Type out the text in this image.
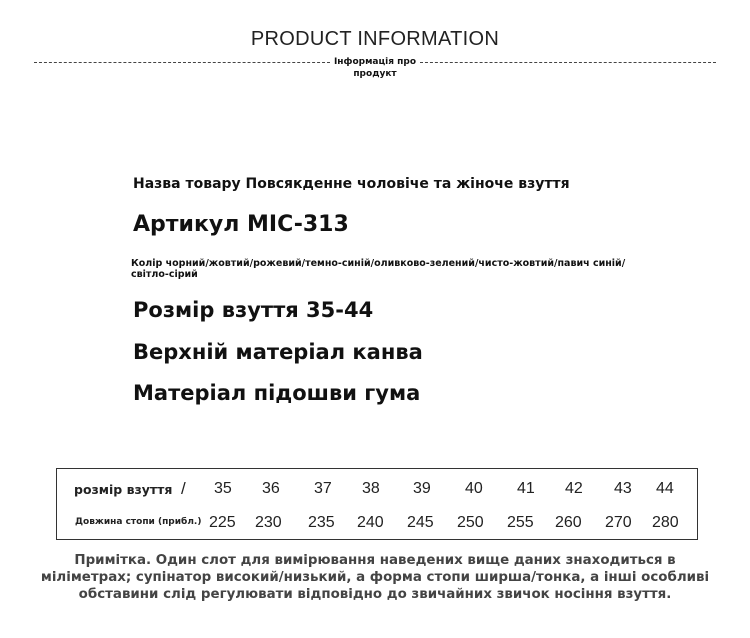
PRODUCT INFORMATION
Інформація про продукт
Назва товару Повсякденне чоловіче та жіноче взуття
Артикул MIC-313
Колір чорний/жовтий/рожевий/темно-синій/оливково-зелений/чисто-жовтий/павич синій/світло-сірий
Розмір взуття 35-44
Верхній матеріал канва
Матеріал підошви гума
розмір взуття /
Довжина стопи (прибл.)
35 36 37 38 39 40 41 42 43 44
225 230 235 240 245 250 255 260 270 280
Примітка. Один слот для вимірювання наведених вище даних знаходиться в
міліметрах; супінатор високий/низький, а форма стопи ширша/тонка, а інші особливі
обставини слід регулювати відповідно до звичайних звичок носіння взуття.
